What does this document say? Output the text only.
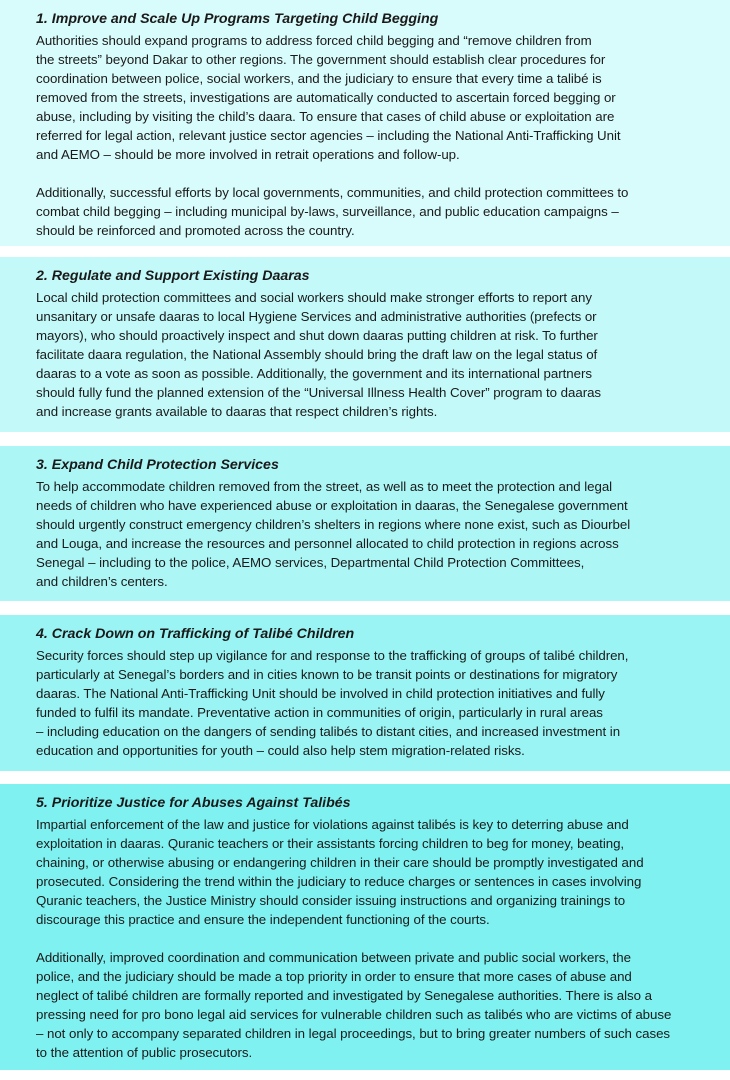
1. Improve and Scale Up Programs Targeting Child Begging

Authorities should expand programs to address forced child begging and “remove children from
the streets” beyond Dakar to other regions. The government should establish clear procedures for
coordination between police, social workers, and the judiciary to ensure that every time a talibé is
removed from the streets, investigations are automatically conducted to ascertain forced begging or
abuse, including by visiting the child’s daara. To ensure that cases of child abuse or exploitation are
referred for legal action, relevant justice sector agencies – including the National Anti-Trafficking Unit
and AEMO – should be more involved in retrait operations and follow-up.

Additionally, successful efforts by local governments, communities, and child protection committees to
combat child begging – including municipal by-laws, surveillance, and public education campaigns –
should be reinforced and promoted across the country.

2. Regulate and Support Existing Daaras

Local child protection committees and social workers should make stronger efforts to report any
unsanitary or unsafe daaras to local Hygiene Services and administrative authorities (prefects or
mayors), who should proactively inspect and shut down daaras putting children at risk. To further
facilitate daara regulation, the National Assembly should bring the draft law on the legal status of
daaras to a vote as soon as possible. Additionally, the government and its international partners
should fully fund the planned extension of the “Universal Illness Health Cover” program to daaras
and increase grants available to daaras that respect children’s rights.

3. Expand Child Protection Services

To help accommodate children removed from the street, as well as to meet the protection and legal
needs of children who have experienced abuse or exploitation in daaras, the Senegalese government
should urgently construct emergency children’s shelters in regions where none exist, such as Diourbel
and Louga, and increase the resources and personnel allocated to child protection in regions across
Senegal – including to the police, AEMO services, Departmental Child Protection Committees,
and children’s centers.

4. Crack Down on Trafficking of Talibé Children

Security forces should step up vigilance for and response to the trafficking of groups of talibé children,
particularly at Senegal’s borders and in cities known to be transit points or destinations for migratory
daaras. The National Anti-Trafficking Unit should be involved in child protection initiatives and fully
funded to fulfil its mandate. Preventative action in communities of origin, particularly in rural areas
– including education on the dangers of sending talibés to distant cities, and increased investment in
education and opportunities for youth – could also help stem migration-related risks.

5. Prioritize Justice for Abuses Against Talibés

Impartial enforcement of the law and justice for violations against talibés is key to deterring abuse and
exploitation in daaras. Quranic teachers or their assistants forcing children to beg for money, beating,
chaining, or otherwise abusing or endangering children in their care should be promptly investigated and
prosecuted. Considering the trend within the judiciary to reduce charges or sentences in cases involving
Quranic teachers, the Justice Ministry should consider issuing instructions and organizing trainings to
discourage this practice and ensure the independent functioning of the courts.

Additionally, improved coordination and communication between private and public social workers, the
police, and the judiciary should be made a top priority in order to ensure that more cases of abuse and
neglect of talibé children are formally reported and investigated by Senegalese authorities. There is also a
pressing need for pro bono legal aid services for vulnerable children such as talibés who are victims of abuse
– not only to accompany separated children in legal proceedings, but to bring greater numbers of such cases
to the attention of public prosecutors.
